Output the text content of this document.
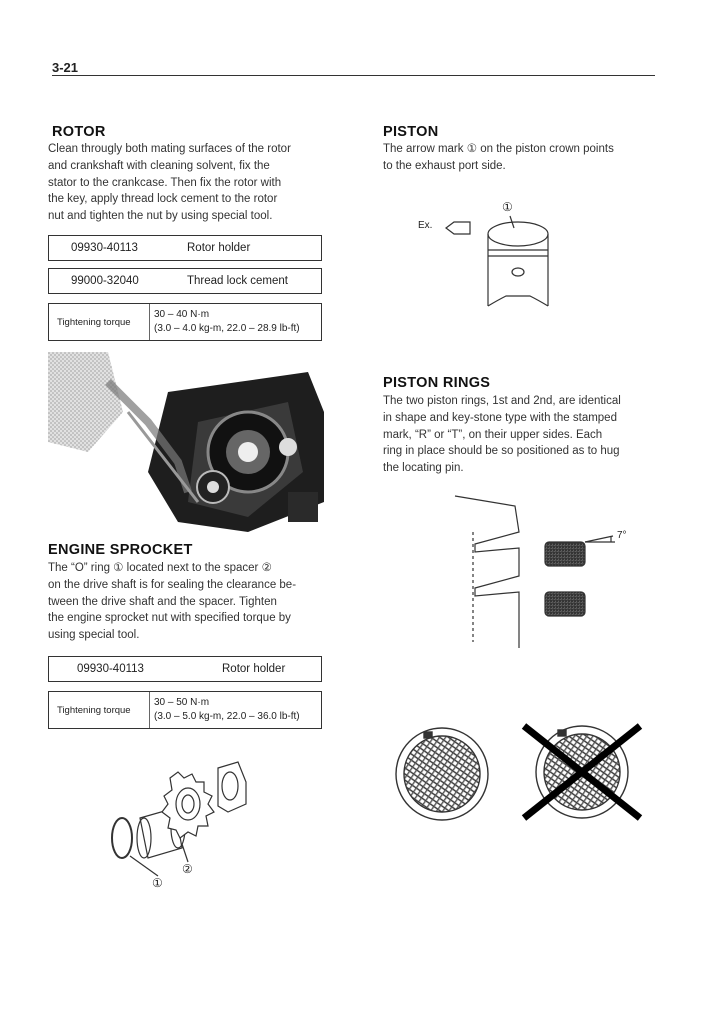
3-21
ROTOR
Clean througly both mating surfaces of the rotor
and crankshaft with cleaning solvent, fix the
stator to the crankcase. Then fix the rotor with
the key, apply thread lock cement to the rotor
nut and tighten the nut by using special tool.
09930-40113	Rotor holder
99000-32040	Thread lock cement
Tightening torque
30 – 40 N·m
(3.0 – 4.0 kg-m, 22.0 – 28.9 lb-ft)
ENGINE SPROCKET
The “O” ring ① located next to the spacer ②
on the drive shaft is for sealing the clearance be-
tween the drive shaft and the spacer. Tighten
the engine sprocket nut with specified torque by
using special tool.
09930-40113	Rotor holder
Tightening torque
30 – 50 N·m
(3.0 – 5.0 kg-m, 22.0 – 36.0 lb-ft)
①
②
PISTON
The arrow mark ① on the piston crown points
to the exhaust port side.
Ex.
①
PISTON RINGS
The two piston rings, 1st and 2nd, are identical
in shape and key-stone type with the stamped
mark, “R” or “T”, on their upper sides. Each
ring in place should be so positioned as to hug
the locating pin.
7°
